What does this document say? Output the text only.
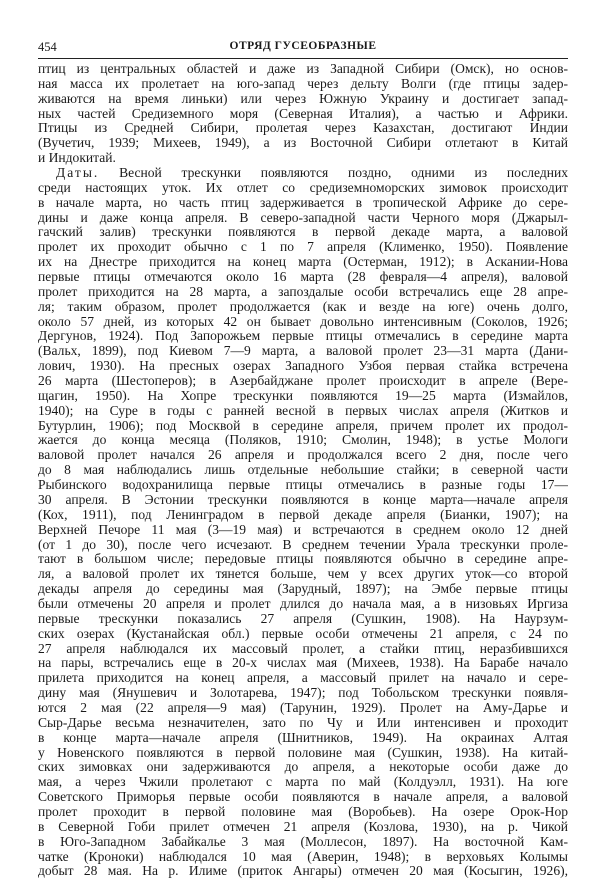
454	ОТРЯД ГУСЕОБРАЗНЫЕ
птиц из центральных областей и даже из Западной Сибири (Омск), но основ-
ная масса их пролетает на юго-запад через дельту Волги (где птицы задер-
живаются на время линьки) или через Южную Украину и достигает запад-
ных частей Средиземного моря (Северная Италия), а частью и Африки.
Птицы из Средней Сибири, пролетая через Казахстан, достигают Индии
(Вучетич, 1939; Михеев, 1949), а из Восточной Сибири отлетают в Китай
и Индокитай.
Даты. Весной трескунки появляются поздно, одними из последних
среди настоящих уток. Их отлет со средиземноморских зимовок происходит
в начале марта, но часть птиц задерживается в тропической Африке до сере-
дины и даже конца апреля. В северо-западной части Черного моря (Джарыл-
гачский залив) трескунки появляются в первой декаде марта, а валовой
пролет их проходит обычно с 1 по 7 апреля (Клименко, 1950). Появление
их на Днестре приходится на конец марта (Остерман, 1912); в Аскании-Нова
первые птицы отмечаются около 16 марта (28 февраля—4 апреля), валовой
пролет приходится на 28 марта, а запоздалые особи встречались еще 28 апре-
ля; таким образом, пролет продолжается (как и везде на юге) очень долго,
около 57 дней, из которых 42 он бывает довольно интенсивным (Соколов, 1926;
Дергунов, 1924). Под Запорожьем первые птицы отмечались в середине марта
(Вальх, 1899), под Киевом 7—9 марта, а валовой пролет 23—31 марта (Дани-
лович, 1930). На пресных озерах Западного Узбоя первая стайка встречена
26 марта (Шестоперов); в Азербайджане пролет происходит в апреле (Вере-
щагин, 1950). На Хопре трескунки появляются 19—25 марта (Измайлов,
1940); на Суре в годы с ранней весной в первых числах апреля (Житков и
Бутурлин, 1906); под Москвой в середине апреля, причем пролет их продол-
жается до конца месяца (Поляков, 1910; Смолин, 1948); в устье Мологи
валовой пролет начался 26 апреля и продолжался всего 2 дня, после чего
до 8 мая наблюдались лишь отдельные небольшие стайки; в северной части
Рыбинского водохранилища первые птицы отмечались в разные годы 17—
30 апреля. В Эстонии трескунки появляются в конце марта—начале апреля
(Кох, 1911), под Ленинградом в первой декаде апреля (Бианки, 1907); на
Верхней Печоре 11 мая (3—19 мая) и встречаются в среднем около 12 дней
(от 1 до 30), после чего исчезают. В среднем течении Урала трескунки проле-
тают в большом числе; передовые птицы появляются обычно в середине апре-
ля, а валовой пролет их тянется больше, чем у всех других уток—со второй
декады апреля до середины мая (Зарудный, 1897); на Эмбе первые птицы
были отмечены 20 апреля и пролет длился до начала мая, а в низовьях Иргиза
первые трескунки показались 27 апреля (Сушкин, 1908). На Наурзум-
ских озерах (Кустанайская обл.) первые особи отмечены 21 апреля, с 24 по
27 апреля наблюдался их массовый пролет, а стайки птиц, неразбившихся
на пары, встречались еще в 20-х числах мая (Михеев, 1938). На Барабе начало
прилета приходится на конец апреля, а массовый прилет на начало и сере-
дину мая (Янушевич и Золотарева, 1947); под Тобольском трескунки появля-
ются 2 мая (22 апреля—9 мая) (Тарунин, 1929). Пролет на Аму-Дарье и
Сыр-Дарье весьма незначителен, зато по Чу и Или интенсивен и проходит
в конце марта—начале апреля (Шнитников, 1949). На окраинах Алтая
у Новенского появляются в первой половине мая (Сушкин, 1938). На китай-
ских зимовках они задерживаются до апреля, а некоторые особи даже до
мая, а через Чжили пролетают с марта по май (Колдуэлл, 1931). На юге
Советского Приморья первые особи появляются в начале апреля, а валовой
пролет проходит в первой половине мая (Воробьев). На озере Орок-Нор
в Северной Гоби прилет отмечен 21 апреля (Козлова, 1930), на р. Чикой
в Юго-Западном Забайкалье 3 мая (Моллесон, 1897). На восточной Кам-
чатке (Кроноки) наблюдался 10 мая (Аверин, 1948); в верховьях Колымы
добыт 28 мая. На р. Илиме (приток Ангары) отмечен 20 мая (Косыгин, 1926),
